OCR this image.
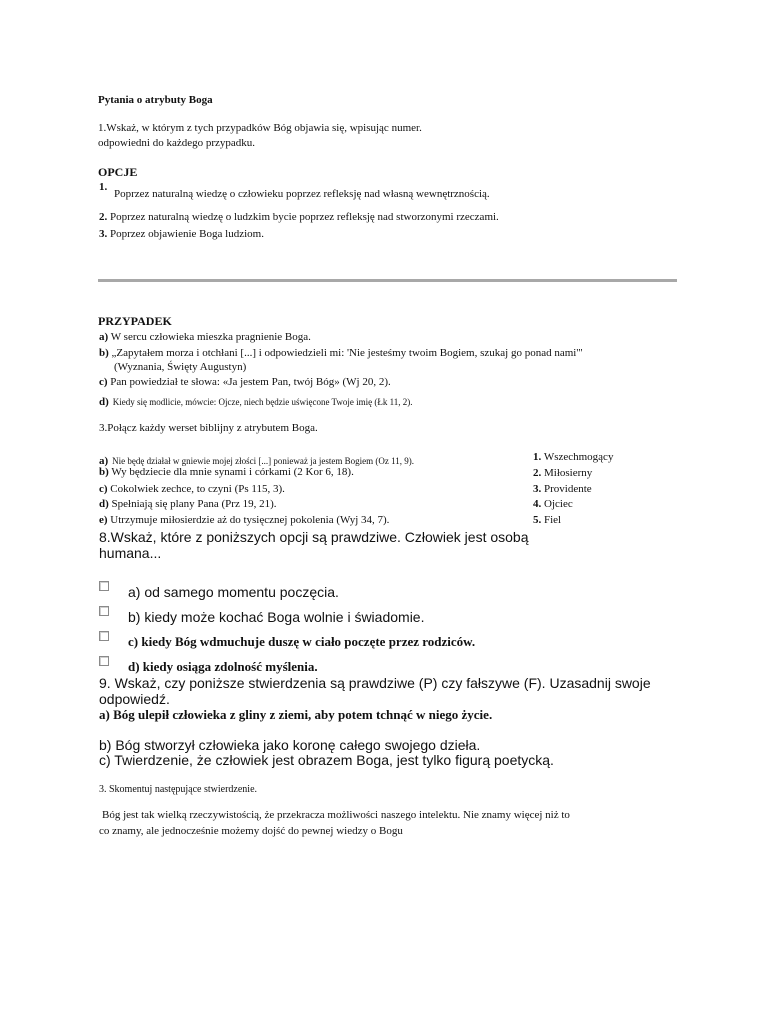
Pytania o atrybuty Boga
1.Wskaż, w którym z tych przypadków Bóg objawia się, wpisując numer.
odpowiedni do każdego przypadku.
OPCJE
1.
Poprzez naturalną wiedzę o człowieku poprzez refleksję nad własną wewnętrznością.
2. Poprzez naturalną wiedzę o ludzkim bycie poprzez refleksję nad stworzonymi rzeczami.
3. Poprzez objawienie Boga ludziom.
PRZYPADEK
a) W sercu człowieka mieszka pragnienie Boga.
b) „Zapytałem morza i otchłani [...] i odpowiedzieli mi: 'Nie jesteśmy twoim Bogiem, szukaj go ponad nami'"
(Wyznania, Święty Augustyn)
c) Pan powiedział te słowa: «Ja jestem Pan, twój Bóg» (Wj 20, 2).
d) Kiedy się modlicie, mówcie: Ojcze, niech będzie uświęcone Twoje imię (Łk 11, 2).
3.Połącz każdy werset biblijny z atrybutem Boga.
a) Nie będę działał w gniewie mojej złości [...] ponieważ ja jestem Bogiem (Oz 11, 9).
b) Wy będziecie dla mnie synami i córkami (2 Kor 6, 18).
c) Cokolwiek zechce, to czyni (Ps 115, 3).
d) Spełniają się plany Pana (Prz 19, 21).
e) Utrzymuje miłosierdzie aż do tysięcznej pokolenia (Wyj 34, 7).
1. Wszechmogący
2. Miłosierny
3. Providente
4. Ojciec
5. Fiel
8.Wskaż, które z poniższych opcji są prawdziwe. Człowiek jest osobą
humana...
a) od samego momentu poczęcia.
b) kiedy może kochać Boga wolnie i świadomie.
c) kiedy Bóg wdmuchuje duszę w ciało poczęte przez rodziców.
d) kiedy osiąga zdolność myślenia.
9. Wskaż, czy poniższe stwierdzenia są prawdziwe (P) czy fałszywe (F). Uzasadnij swoje
odpowiedź.
a) Bóg ulepił człowieka z gliny z ziemi, aby potem tchnąć w niego życie.
b) Bóg stworzył człowieka jako koronę całego swojego dzieła.
c) Twierdzenie, że człowiek jest obrazem Boga, jest tylko figurą poetycką.
3. Skomentuj następujące stwierdzenie.
Bóg jest tak wielką rzeczywistością, że przekracza możliwości naszego intelektu. Nie znamy więcej niż to
co znamy, ale jednocześnie możemy dojść do pewnej wiedzy o Bogu
